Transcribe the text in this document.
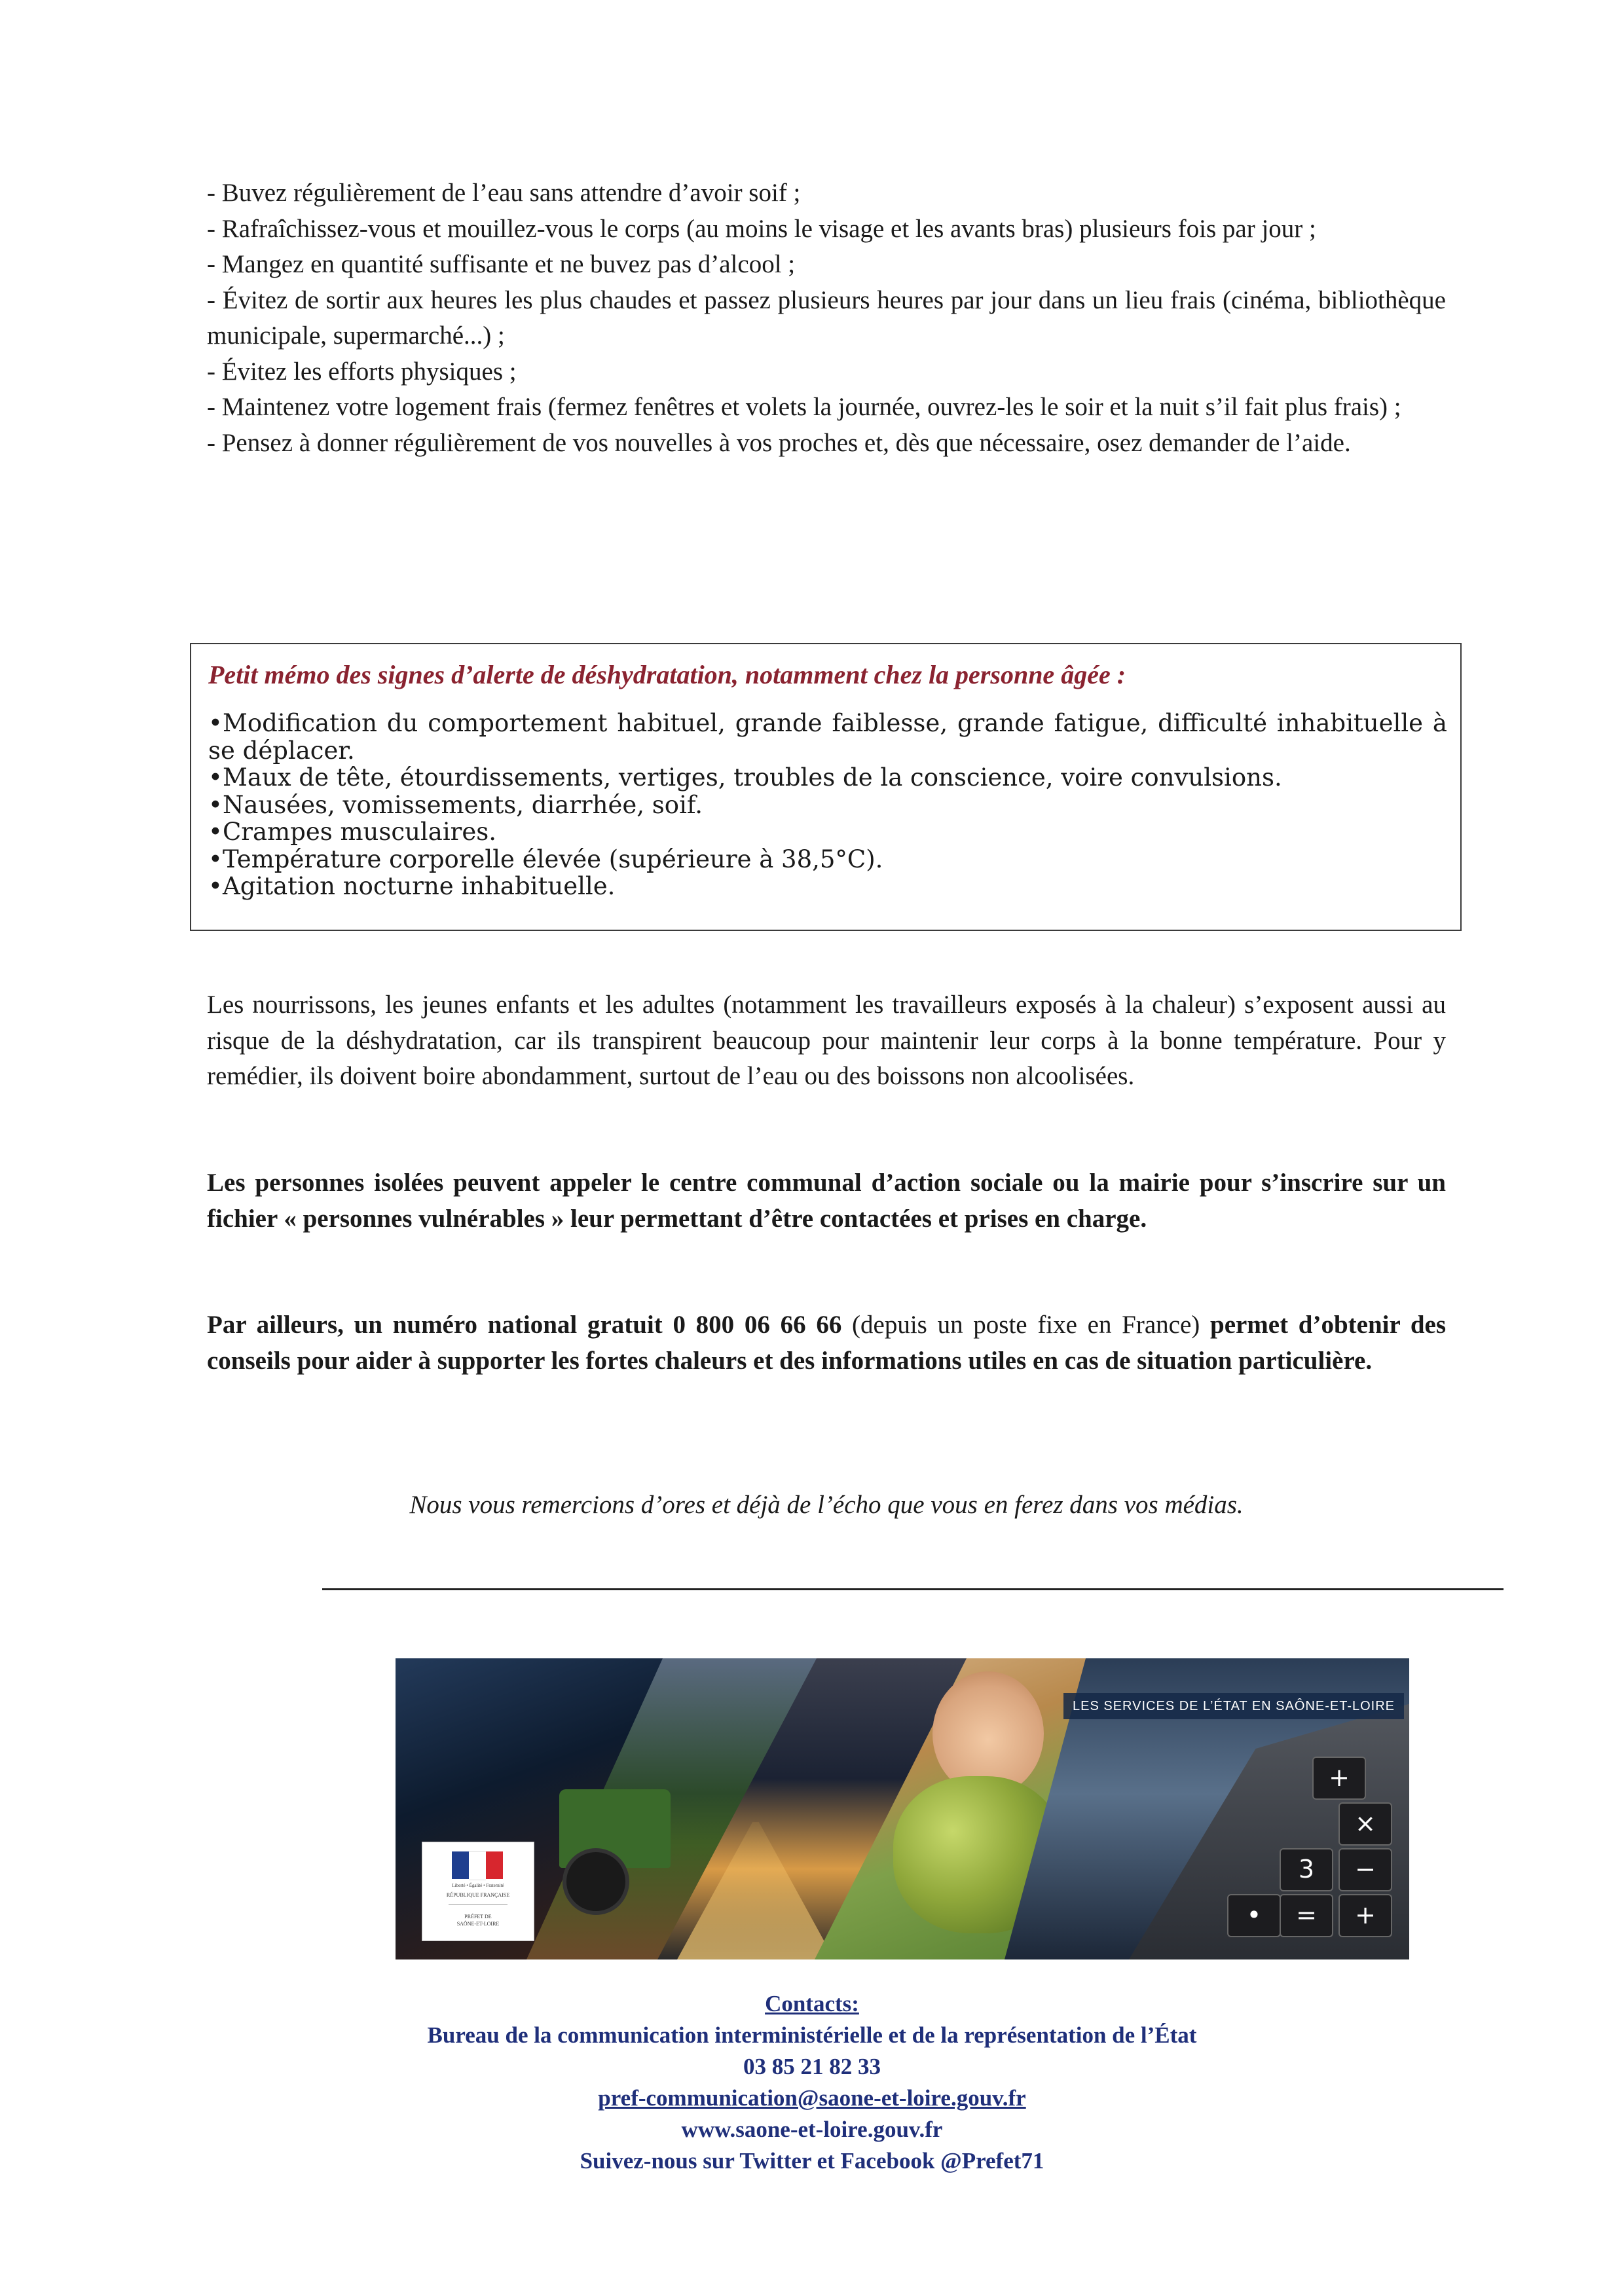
- Buvez régulièrement de l’eau sans attendre d’avoir soif ;

- Rafraîchissez-vous et mouillez-vous le corps (au moins le visage et les avants bras) plusieurs fois par jour ;

- Mangez en quantité suffisante et ne buvez pas d’alcool ;

- Évitez de sortir aux heures les plus chaudes et passez plusieurs heures par jour dans un lieu frais (cinéma, bibliothèque municipale, supermarché...) ;

- Évitez les efforts physiques ;

- Maintenez votre logement frais (fermez fenêtres et volets la journée, ouvrez-les le soir et la nuit s’il fait plus frais) ;

- Pensez à donner régulièrement de vos nouvelles à vos proches et, dès que nécessaire, osez demander de l’aide.

Petit mémo des signes d’alerte de déshydratation, notamment chez la personne âgée :

•Modification du comportement habituel, grande faiblesse, grande fatigue, difficulté inhabituelle à se déplacer.
•Maux de tête, étourdissements, vertiges, troubles de la conscience, voire convulsions.
•Nausées, vomissements, diarrhée, soif.
•Crampes musculaires.
•Température corporelle élevée (supérieure à 38,5°C).
•Agitation nocturne inhabituelle.

Les nourrissons, les jeunes enfants et les adultes (notamment les travailleurs exposés à la chaleur) s’exposent aussi au risque de la déshydratation, car ils transpirent beaucoup pour maintenir leur corps à la bonne température. Pour y remédier, ils doivent boire abondamment, surtout de l’eau ou des boissons non alcoolisées.

Les personnes isolées peuvent appeler le centre communal d’action sociale ou la mairie pour s’inscrire sur un fichier « personnes vulnérables » leur permettant d’être contactées et prises en charge.

Par ailleurs, un numéro national gratuit 0 800 06 66 66 (depuis un poste fixe en France) permet d’obtenir des conseils pour aider à supporter les fortes chaleurs et des informations utiles en cas de situation particulière.

Nous vous remercions d’ores et déjà de l’écho que vous en ferez dans vos médias.

+
×
3	−
•	=	+
LES SERVICES DE L’ÉTAT EN SAÔNE-ET-LOIRE
Liberté • Égalité • Fraternité
RÉPUBLIQUE FRANÇAISE
PRÉFET DE
SAÔNE-ET-LOIRE

Contacts:

Bureau de la communication interministérielle et de la représentation de l’État

03 85 21 82 33

pref-communication@saone-et-loire.gouv.fr

www.saone-et-loire.gouv.fr

Suivez-nous sur Twitter et Facebook @Prefet71
